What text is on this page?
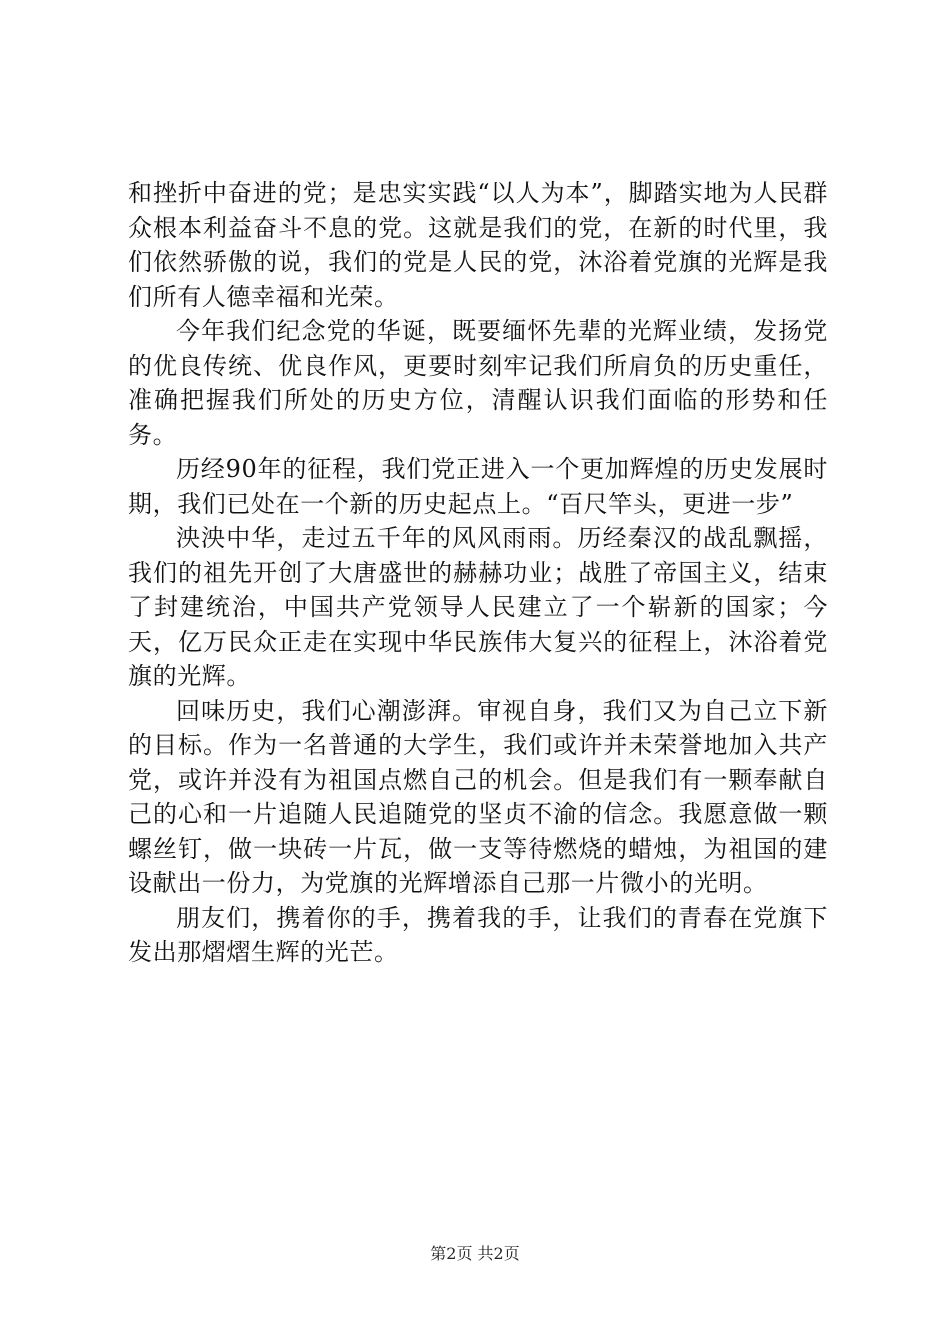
和挫折中奋进的党；是忠实实践“以人为本”，脚踏实地为人民群众根本利益奋斗不息的党。这就是我们的党，在新的时代里，我们依然骄傲的说，我们的党是人民的党，沐浴着党旗的光辉是我们所有人德幸福和光荣。

今年我们纪念党的华诞，既要缅怀先辈的光辉业绩，发扬党的优良传统、优良作风，更要时刻牢记我们所肩负的历史重任，准确把握我们所处的历史方位，清醒认识我们面临的形势和任务。

历经90年的征程，我们党正进入一个更加辉煌的历史发展时期，我们已处在一个新的历史起点上。“百尺竿头，更进一步”

泱泱中华，走过五千年的风风雨雨。历经秦汉的战乱飘摇，我们的祖先开创了大唐盛世的赫赫功业；战胜了帝国主义，结束了封建统治，中国共产党领导人民建立了一个崭新的国家；今天，亿万民众正走在实现中华民族伟大复兴的征程上，沐浴着党旗的光辉。

回味历史，我们心潮澎湃。审视自身，我们又为自己立下新的目标。作为一名普通的大学生，我们或许并未荣誉地加入共产党，或许并没有为祖国点燃自己的机会。但是我们有一颗奉献自己的心和一片追随人民追随党的坚贞不渝的信念。我愿意做一颗螺丝钉，做一块砖一片瓦，做一支等待燃烧的蜡烛，为祖国的建设献出一份力，为党旗的光辉增添自己那一片微小的光明。

朋友们，携着你的手，携着我的手，让我们的青春在党旗下发出那熠熠生辉的光芒。

第2页 共2页
